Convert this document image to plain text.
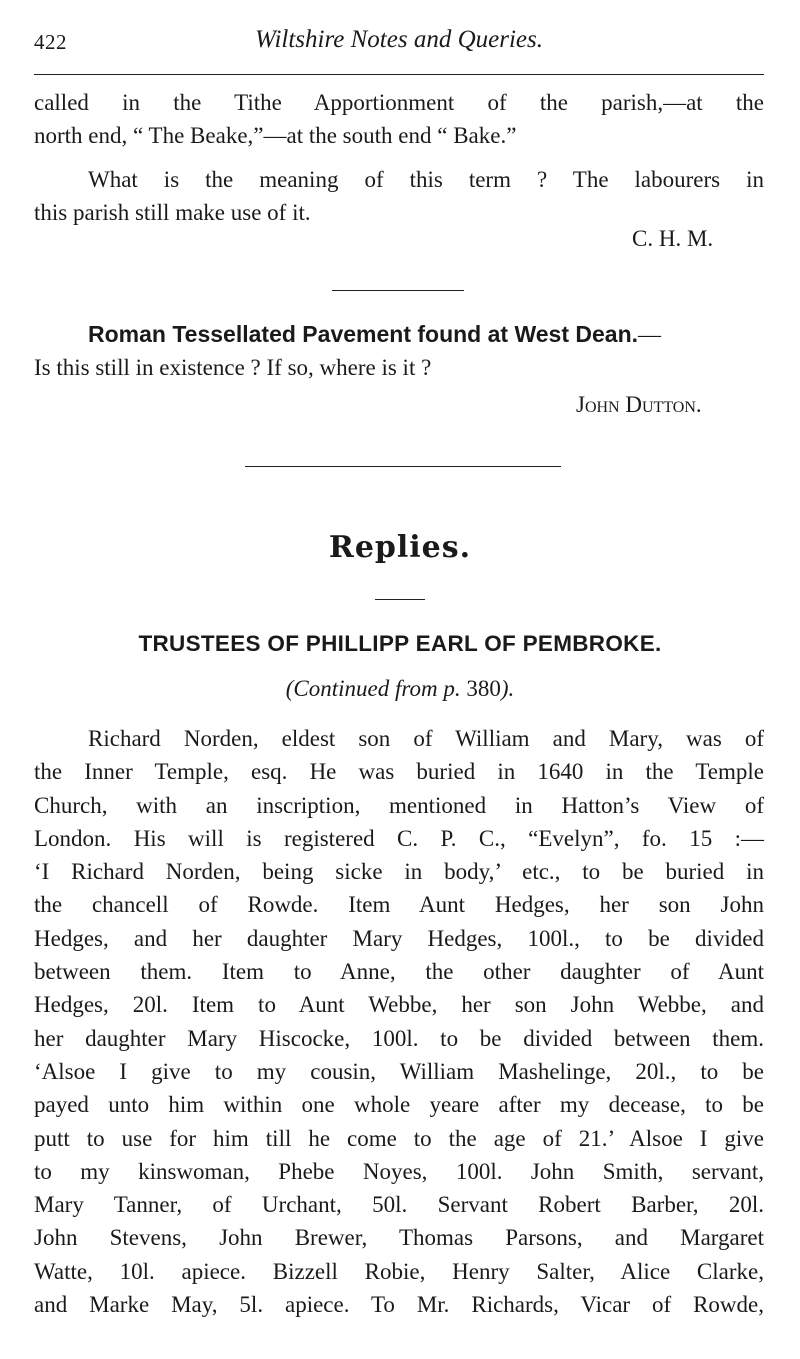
422	Wiltshire Notes and Queries.
called in the Tithe Apportionment of the parish,—at the
north end, “ The Beake,”—at the south end “ Bake.”
What is the meaning of this term ? The labourers in
this parish still make use of it.
C. H. M.
Roman Tessellated Pavement found at West Dean.—
Is this still in existence ? If so, where is it ?
John Dutton.
Replies.
TRUSTEES OF PHILLIPP EARL OF PEMBROKE.
(Continued from p. 380).
Richard Norden, eldest son of William and Mary, was of
the Inner Temple, esq. He was buried in 1640 in the Temple
Church, with an inscription, mentioned in Hatton’s View of
London. His will is registered C. P. C., “Evelyn”, fo. 15 :—
‘I Richard Norden, being sicke in body,’ etc., to be buried in
the chancell of Rowde. Item Aunt Hedges, her son John
Hedges, and her daughter Mary Hedges, 100l., to be divided
between them. Item to Anne, the other daughter of Aunt
Hedges, 20l. Item to Aunt Webbe, her son John Webbe, and
her daughter Mary Hiscocke, 100l. to be divided between them.
‘Alsoe I give to my cousin, William Mashelinge, 20l., to be
payed unto him within one whole yeare after my decease, to be
putt to use for him till he come to the age of 21.’ Alsoe I give
to my kinswoman, Phebe Noyes, 100l. John Smith, servant,
Mary Tanner, of Urchant, 50l. Servant Robert Barber, 20l.
John Stevens, John Brewer, Thomas Parsons, and Margaret
Watte, 10l. apiece. Bizzell Robie, Henry Salter, Alice Clarke,
and Marke May, 5l. apiece. To Mr. Richards, Vicar of Rowde,
